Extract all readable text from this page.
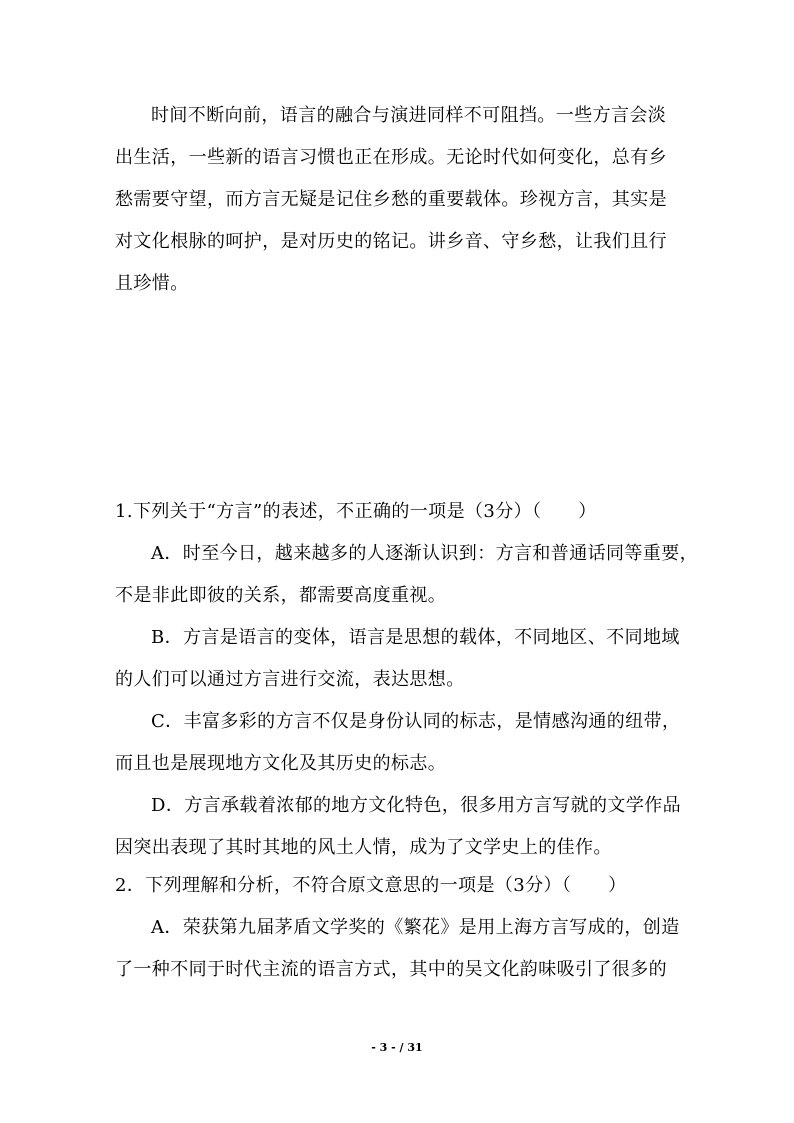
时间不断向前，语言的融合与演进同样不可阻挡。一些方言会淡
出生活，一些新的语言习惯也正在形成。无论时代如何变化，总有乡
愁需要守望，而方言无疑是记住乡愁的重要载体。珍视方言，其实是
对文化根脉的呵护，是对历史的铭记。讲乡音、守乡愁，让我们且行
且珍惜。
1.下列关于“方言”的表述，不正确的一项是（3分）（　　）
A．时至今日，越来越多的人逐渐认识到：方言和普通话同等重要，
不是非此即彼的关系，都需要高度重视。
B．方言是语言的变体，语言是思想的载体，不同地区、不同地域
的人们可以通过方言进行交流，表达思想。
C．丰富多彩的方言不仅是身份认同的标志，是情感沟通的纽带，
而且也是展现地方文化及其历史的标志。
D．方言承载着浓郁的地方文化特色，很多用方言写就的文学作品
因突出表现了其时其地的风土人情，成为了文学史上的佳作。
2．下列理解和分析，不符合原文意思的一项是（3分）（　　）
A．荣获第九届茅盾文学奖的《繁花》是用上海方言写成的，创造
了一种不同于时代主流的语言方式，其中的吴文化韵味吸引了很多的
- 3 - / 31
